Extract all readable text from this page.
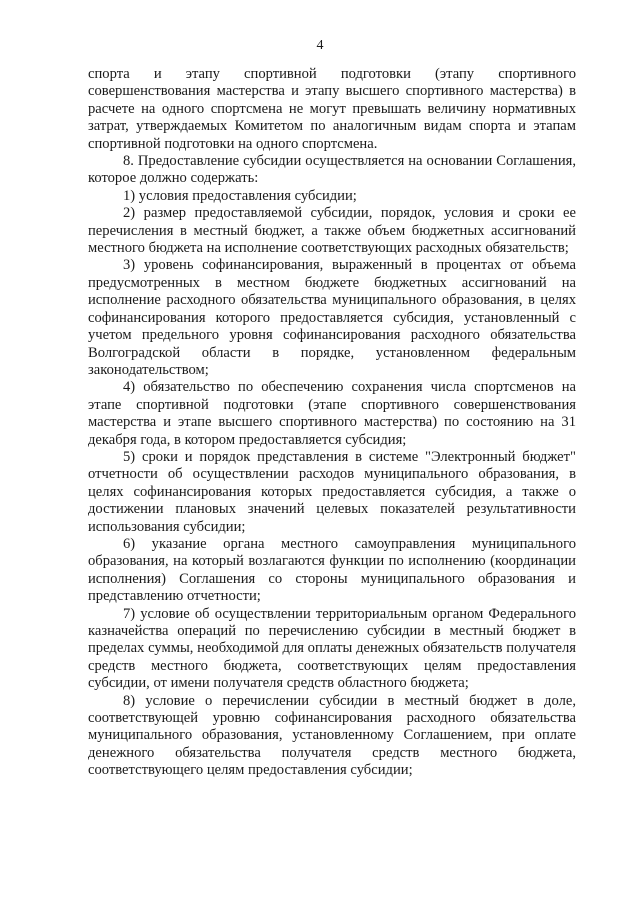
4

спорта и этапу спортивной подготовки (этапу спортивного совершенствования мастерства и этапу высшего спортивного мастерства) в расчете на одного спортсмена не могут превышать величину нормативных затрат, утверждаемых Комитетом по аналогичным видам спорта и этапам спортивной подготовки на одного спортсмена.

8. Предоставление субсидии осуществляется на основании Соглашения, которое должно содержать:

1) условия предоставления субсидии;

2) размер предоставляемой субсидии, порядок, условия и сроки ее перечисления в местный бюджет, а также объем бюджетных ассигнований местного бюджета на исполнение соответствующих расходных обязательств;

3) уровень софинансирования, выраженный в процентах от объема предусмотренных в местном бюджете бюджетных ассигнований на исполнение расходного обязательства муниципального образования, в целях софинансирования которого предоставляется субсидия, установленный с учетом предельного уровня софинансирования расходного обязательства Волгоградской области в порядке, установленном федеральным законодательством;

4) обязательство по обеспечению сохранения числа спортсменов на этапе спортивной подготовки (этапе спортивного совершенствования мастерства и этапе высшего спортивного мастерства) по состоянию на 31 декабря года, в котором предоставляется субсидия;

5) сроки и порядок представления в системе "Электронный бюджет" отчетности об осуществлении расходов муниципального образования, в целях софинансирования которых предоставляется субсидия, а также о достижении плановых значений целевых показателей результативности использования субсидии;

6) указание органа местного самоуправления муниципального образования, на который возлагаются функции по исполнению (координации исполнения) Соглашения со стороны муниципального образования и представлению отчетности;

7) условие об осуществлении территориальным органом Федерального казначейства операций по перечислению субсидии в местный бюджет в пределах суммы, необходимой для оплаты денежных обязательств получателя средств местного бюджета, соответствующих целям предоставления субсидии, от имени получателя средств областного бюджета;

8) условие о перечислении субсидии в местный бюджет в доле, соответствующей уровню софинансирования расходного обязательства муниципального образования, установленному Соглашением, при оплате денежного обязательства получателя средств местного бюджета, соответствующего целям предоставления субсидии;
